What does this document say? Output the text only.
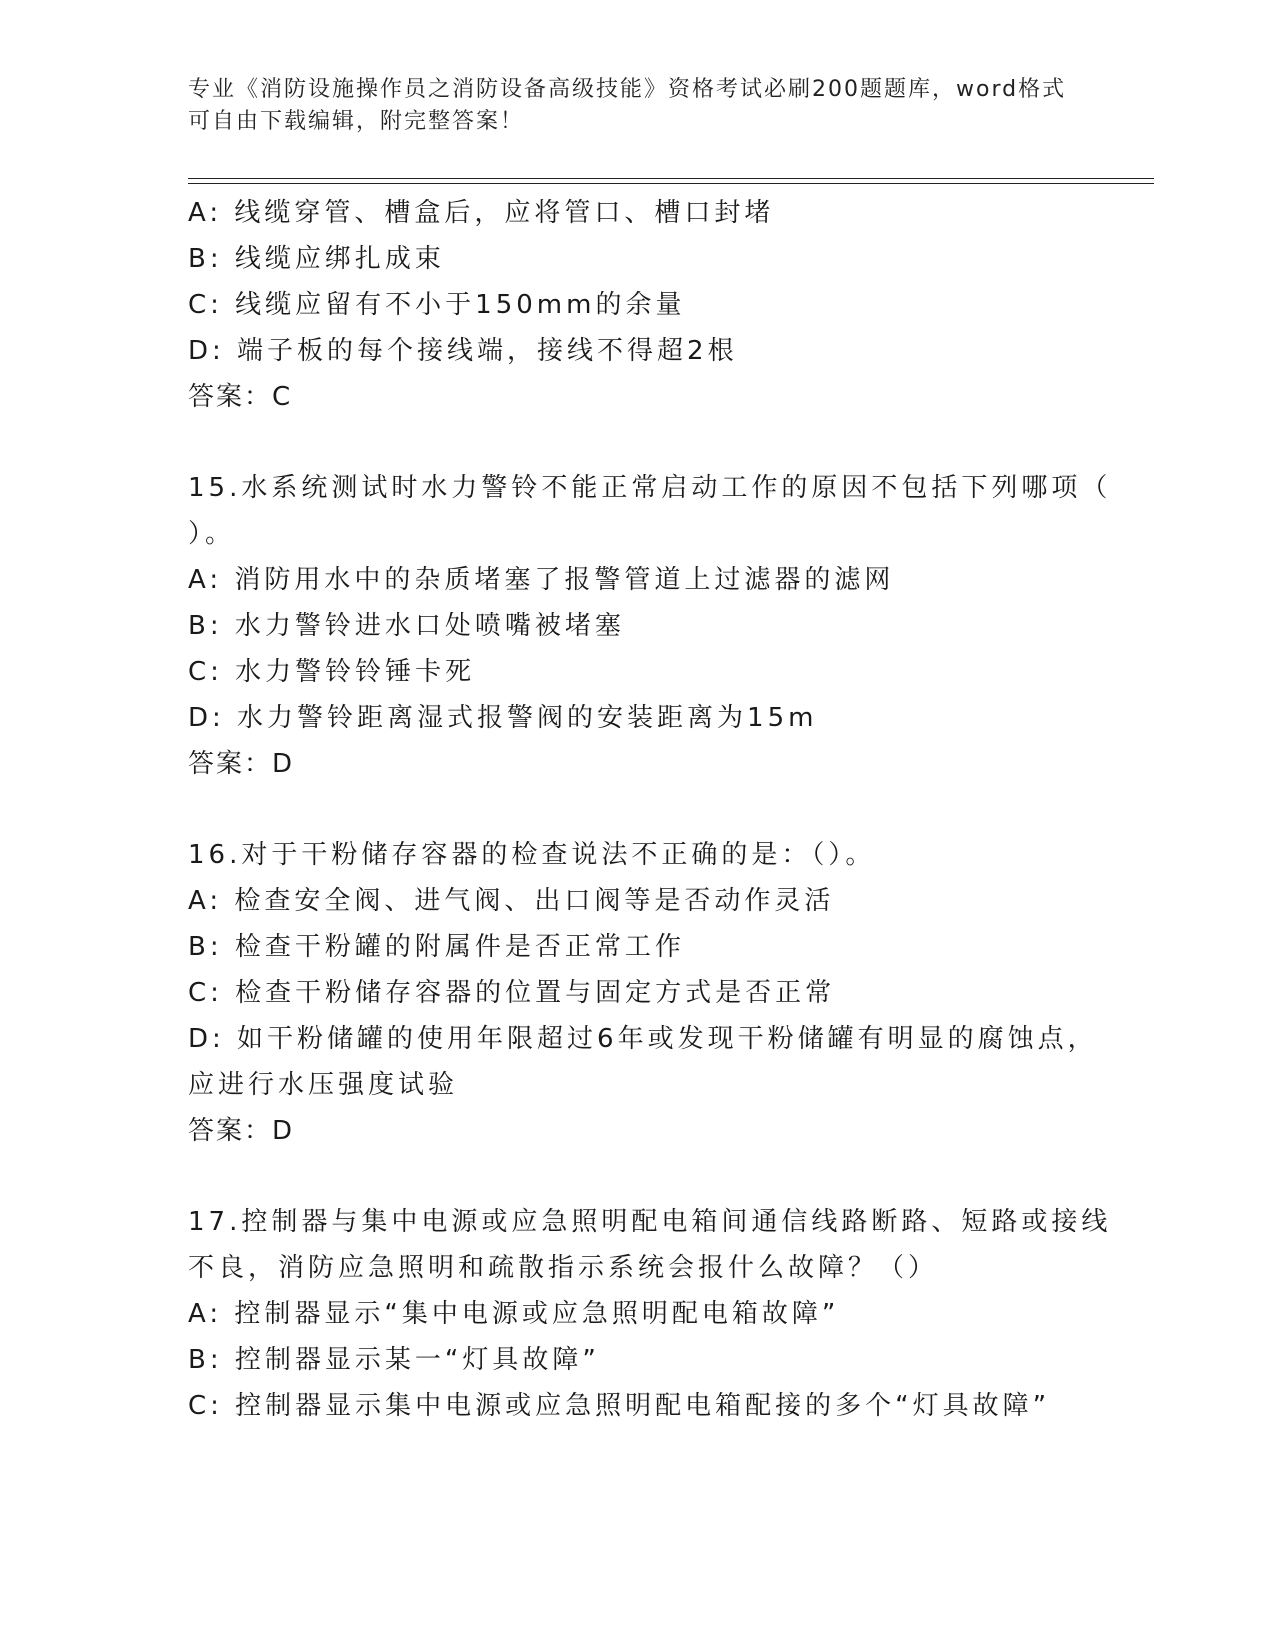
专业《消防设施操作员之消防设备高级技能》资格考试必刷200题题库，word格式可自由下载编辑，附完整答案！
A: 线缆穿管、槽盒后，应将管口、槽口封堵
B: 线缆应绑扎成束
C: 线缆应留有不小于150mm的余量
D: 端子板的每个接线端，接线不得超2根
答案：C
15.水系统测试时水力警铃不能正常启动工作的原因不包括下列哪项（
）。
A: 消防用水中的杂质堵塞了报警管道上过滤器的滤网
B: 水力警铃进水口处喷嘴被堵塞
C: 水力警铃铃锤卡死
D: 水力警铃距离湿式报警阀的安装距离为15m
答案：D
16.对于干粉储存容器的检查说法不正确的是：（）。
A: 检查安全阀、进气阀、出口阀等是否动作灵活
B: 检查干粉罐的附属件是否正常工作
C: 检查干粉储存容器的位置与固定方式是否正常
D: 如干粉储罐的使用年限超过6年或发现干粉储罐有明显的腐蚀点，
应进行水压强度试验
答案：D
17.控制器与集中电源或应急照明配电箱间通信线路断路、短路或接线
不良，消防应急照明和疏散指示系统会报什么故障？（）
A: 控制器显示“集中电源或应急照明配电箱故障”
B: 控制器显示某一“灯具故障”
C: 控制器显示集中电源或应急照明配电箱配接的多个“灯具故障”
